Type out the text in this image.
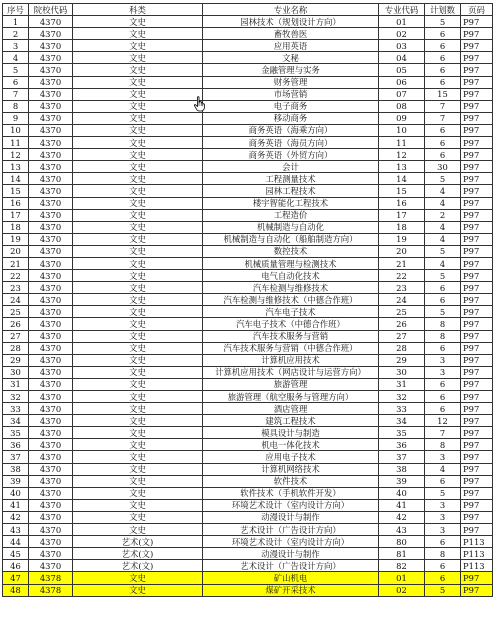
序号	院校代码	科类	专业名称	专业代码	计划数	页码
1	4370	文史	园林技术（规划设计方向）	01	5	P97
2	4370	文史	畜牧兽医	02	6	P97
3	4370	文史	应用英语	03	6	P97
4	4370	文史	文秘	04	6	P97
5	4370	文史	金融管理与实务	05	6	P97
6	4370	文史	财务管理	06	6	P97
7	4370	文史	市场营销	07	15	P97
8	4370	文史	电子商务	08	7	P97
9	4370	文史	移动商务	09	7	P97
10	4370	文史	商务英语（海乘方向）	10	6	P97
11	4370	文史	商务英语（海员方向）	11	6	P97
12	4370	文史	商务英语（外贸方向）	12	6	P97
13	4370	文史	会计	13	30	P97
14	4370	文史	工程测量技术	14	5	P97
15	4370	文史	园林工程技术	15	4	P97
16	4370	文史	楼宇智能化工程技术	16	4	P97
17	4370	文史	工程造价	17	2	P97
18	4370	文史	机械制造与自动化	18	4	P97
19	4370	文史	机械制造与自动化（船舶制造方向）	19	4	P97
20	4370	文史	数控技术	20	5	P97
21	4370	文史	机械质量管理与检测技术	21	4	P97
22	4370	文史	电气自动化技术	22	5	P97
23	4370	文史	汽车检测与维修技术	23	6	P97
24	4370	文史	汽车检测与维修技术（中德合作班）	24	6	P97
25	4370	文史	汽车电子技术	25	5	P97
26	4370	文史	汽车电子技术（中德合作班）	26	8	P97
27	4370	文史	汽车技术服务与营销	27	8	P97
28	4370	文史	汽车技术服务与营销（中德合作班）	28	6	P97
29	4370	文史	计算机应用技术	29	3	P97
30	4370	文史	计算机应用技术（网店设计与运营方向）	30	3	P97
31	4370	文史	旅游管理	31	6	P97
32	4370	文史	旅游管理（航空服务与管理方向）	32	6	P97
33	4370	文史	酒店管理	33	6	P97
34	4370	文史	建筑工程技术	34	12	P97
35	4370	文史	模具设计与制造	35	7	P97
36	4370	文史	机电一体化技术	36	8	P97
37	4370	文史	应用电子技术	37	3	P97
38	4370	文史	计算机网络技术	38	4	P97
39	4370	文史	软件技术	39	6	P97
40	4370	文史	软件技术（手机软件开发）	40	5	P97
41	4370	文史	环境艺术设计（室内设计方向）	41	3	P97
42	4370	文史	动漫设计与制作	42	3	P97
43	4370	文史	艺术设计（广告设计方向）	43	3	P97
44	4370	艺术(文)	环境艺术设计（室内设计方向）	80	6	P113
45	4370	艺术(文)	动漫设计与制作	81	8	P113
46	4370	艺术(文)	艺术设计（广告设计方向）	82	6	P113
47	4378	文史	矿山机电	01	6	P97
48	4378	文史	煤矿开采技术	02	5	P97
